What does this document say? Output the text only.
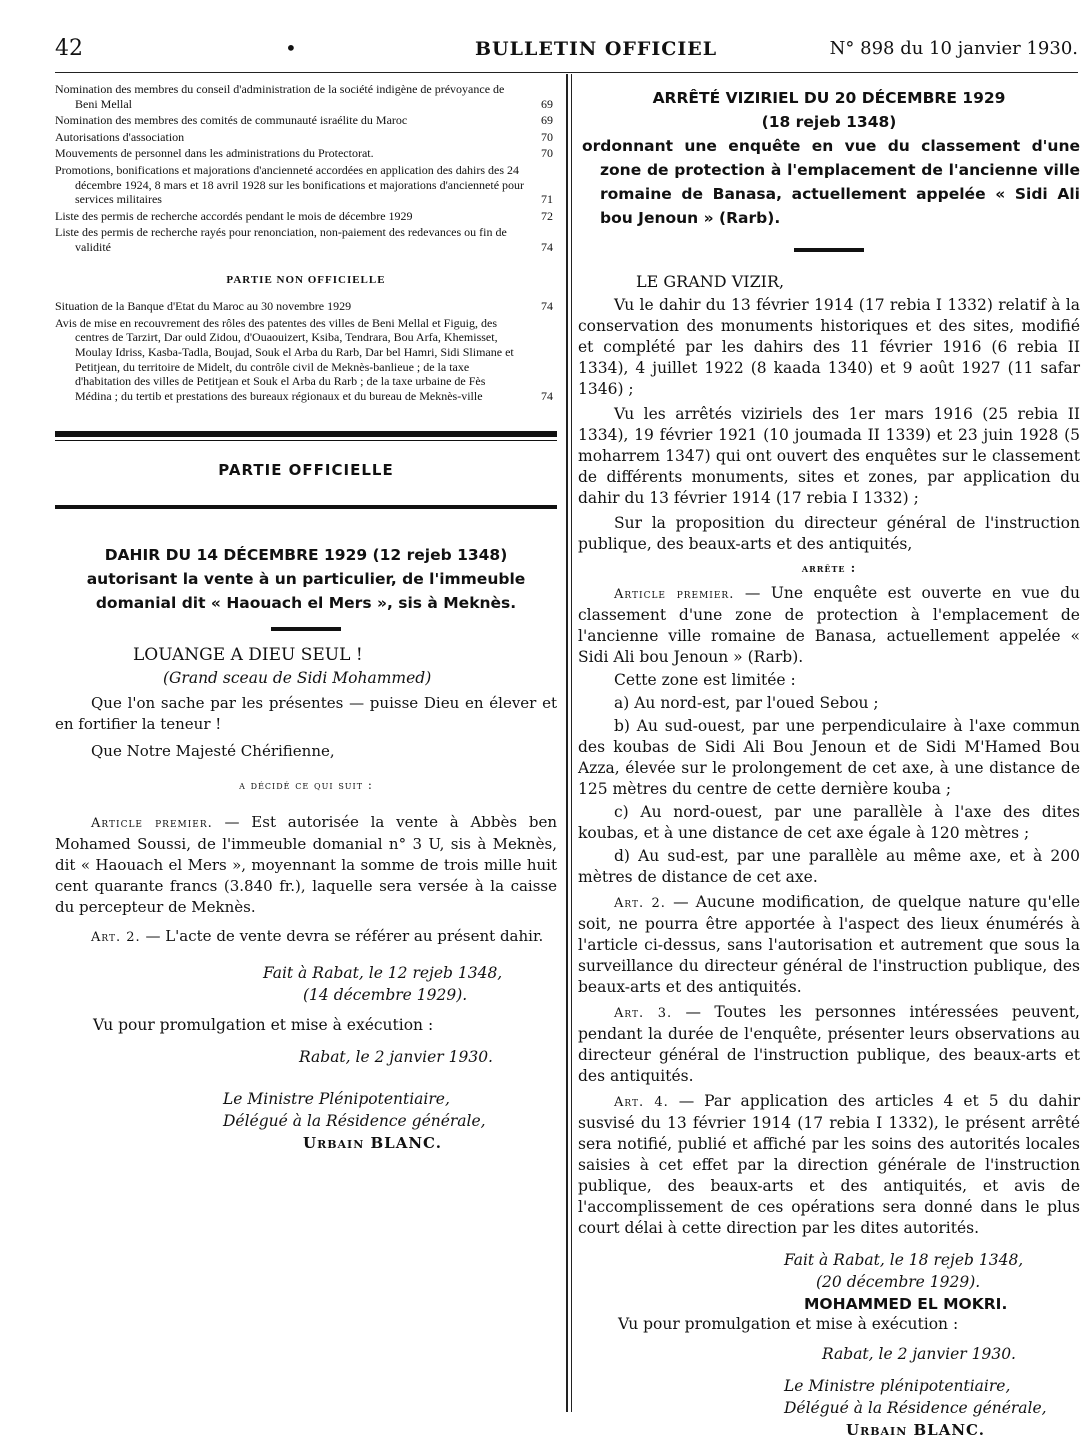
42	•	BULLETIN OFFICIEL	N° 898 du 10 janvier 1930.
Nomination des membres du conseil d'administration de la société indigène de prévoyance de Beni Mellal	69
Nomination des membres des comités de communauté israélite du Maroc	69
Autorisations d'association	70
Mouvements de personnel dans les administrations du Protectorat.	70
Promotions, bonifications et majorations d'ancienneté accordées en application des dahirs des 24 décembre 1924, 8 mars et 18 avril 1928 sur les bonifications et majorations d'ancienneté pour services militaires	71
Liste des permis de recherche accordés pendant le mois de décembre 1929	72
Liste des permis de recherche rayés pour renonciation, non-paiement des redevances ou fin de validité	74
PARTIE NON OFFICIELLE
Situation de la Banque d'Etat du Maroc au 30 novembre 1929	74
Avis de mise en recouvrement des rôles des patentes des villes de Beni Mellal et Figuig, des centres de Tarzirt, Dar ould Zidou, d'Ouaouizert, Ksiba, Tendrara, Bou Arfa, Khemisset, Moulay Idriss, Kasba-Tadla, Boujad, Souk el Arba du Rarb, Dar bel Hamri, Sidi Slimane et Petitjean, du territoire de Midelt, du contrôle civil de Meknès-banlieue ; de la taxe d'habitation des villes de Petitjean et Souk el Arba du Rarb ; de la taxe urbaine de Fès Médina ; du tertib et prestations des bureaux régionaux et du bureau de Meknès-ville	74
PARTIE OFFICIELLE
DAHIR DU 14 DÉCEMBRE 1929 (12 rejeb 1348)
autorisant la vente à un particulier, de l'immeuble domanial dit « Haouach el Mers », sis à Meknès.
LOUANGE A DIEU SEUL !
(Grand sceau de Sidi Mohammed)

Que l'on sache par les présentes — puisse Dieu en élever et en fortifier la teneur !

Que Notre Majesté Chérifienne,

a décidé ce qui suit :

Article premier. — Est autorisée la vente à Abbès ben Mohamed Soussi, de l'immeuble domanial n° 3 U, sis à Meknès, dit « Haouach el Mers », moyennant la somme de trois mille huit cent quarante francs (3.840 fr.), laquelle sera versée à la caisse du percepteur de Meknès.

Art. 2. — L'acte de vente devra se référer au présent dahir.

Fait à Rabat, le 12 rejeb 1348,
(14 décembre 1929).
Vu pour promulgation et mise à exécution :
Rabat, le 2 janvier 1930.
Le Ministre Plénipotentiaire,
Délégué à la Résidence générale,
Urbain BLANC.
ARRÊTÉ VIZIRIEL DU 20 DÉCEMBRE 1929
(18 rejeb 1348)
ordonnant une enquête en vue du classement d'une zone de protection à l'emplacement de l'ancienne ville romaine de Banasa, actuellement appelée « Sidi Ali bou Jenoun » (Rarb).
LE GRAND VIZIR,

Vu le dahir du 13 février 1914 (17 rebia I 1332) relatif à la conservation des monuments historiques et des sites, modifié et complété par les dahirs des 11 février 1916 (6 rebia II 1334), 4 juillet 1922 (8 kaada 1340) et 9 août 1927 (11 safar 1346) ;

Vu les arrêtés viziriels des 1er mars 1916 (25 rebia II 1334), 19 février 1921 (10 joumada II 1339) et 23 juin 1928 (5 moharrem 1347) qui ont ouvert des enquêtes sur le classement de différents monuments, sites et zones, par application du dahir du 13 février 1914 (17 rebia I 1332) ;

Sur la proposition du directeur général de l'instruction publique, des beaux-arts et des antiquités,

arrête :

Article premier. — Une enquête est ouverte en vue du classement d'une zone de protection à l'emplacement de l'ancienne ville romaine de Banasa, actuellement appelée « Sidi Ali bou Jenoun » (Rarb).

Cette zone est limitée :

a) Au nord-est, par l'oued Sebou ;

b) Au sud-ouest, par une perpendiculaire à l'axe commun des koubas de Sidi Ali Bou Jenoun et de Sidi M'Hamed Bou Azza, élevée sur le prolongement de cet axe, à une distance de 125 mètres du centre de cette dernière kouba ;

c) Au nord-ouest, par une parallèle à l'axe des dites koubas, et à une distance de cet axe égale à 120 mètres ;

d) Au sud-est, par une parallèle au même axe, et à 200 mètres de distance de cet axe.

Art. 2. — Aucune modification, de quelque nature qu'elle soit, ne pourra être apportée à l'aspect des lieux énumérés à l'article ci-dessus, sans l'autorisation et autrement que sous la surveillance du directeur général de l'instruction publique, des beaux-arts et des antiquités.

Art. 3. — Toutes les personnes intéressées peuvent, pendant la durée de l'enquête, présenter leurs observations au directeur général de l'instruction publique, des beaux-arts et des antiquités.

Art. 4. — Par application des articles 4 et 5 du dahir susvisé du 13 février 1914 (17 rebia I 1332), le présent arrêté sera notifié, publié et affiché par les soins des autorités locales saisies à cet effet par la direction générale de l'instruction publique, des beaux-arts et des antiquités, et avis de l'accomplissement de ces opérations sera donné dans le plus court délai à cette direction par les dites autorités.

Fait à Rabat, le 18 rejeb 1348,
(20 décembre 1929).
MOHAMMED EL MOKRI.
Vu pour promulgation et mise à exécution :
Rabat, le 2 janvier 1930.
Le Ministre plénipotentiaire,
Délégué à la Résidence générale,
Urbain BLANC.
